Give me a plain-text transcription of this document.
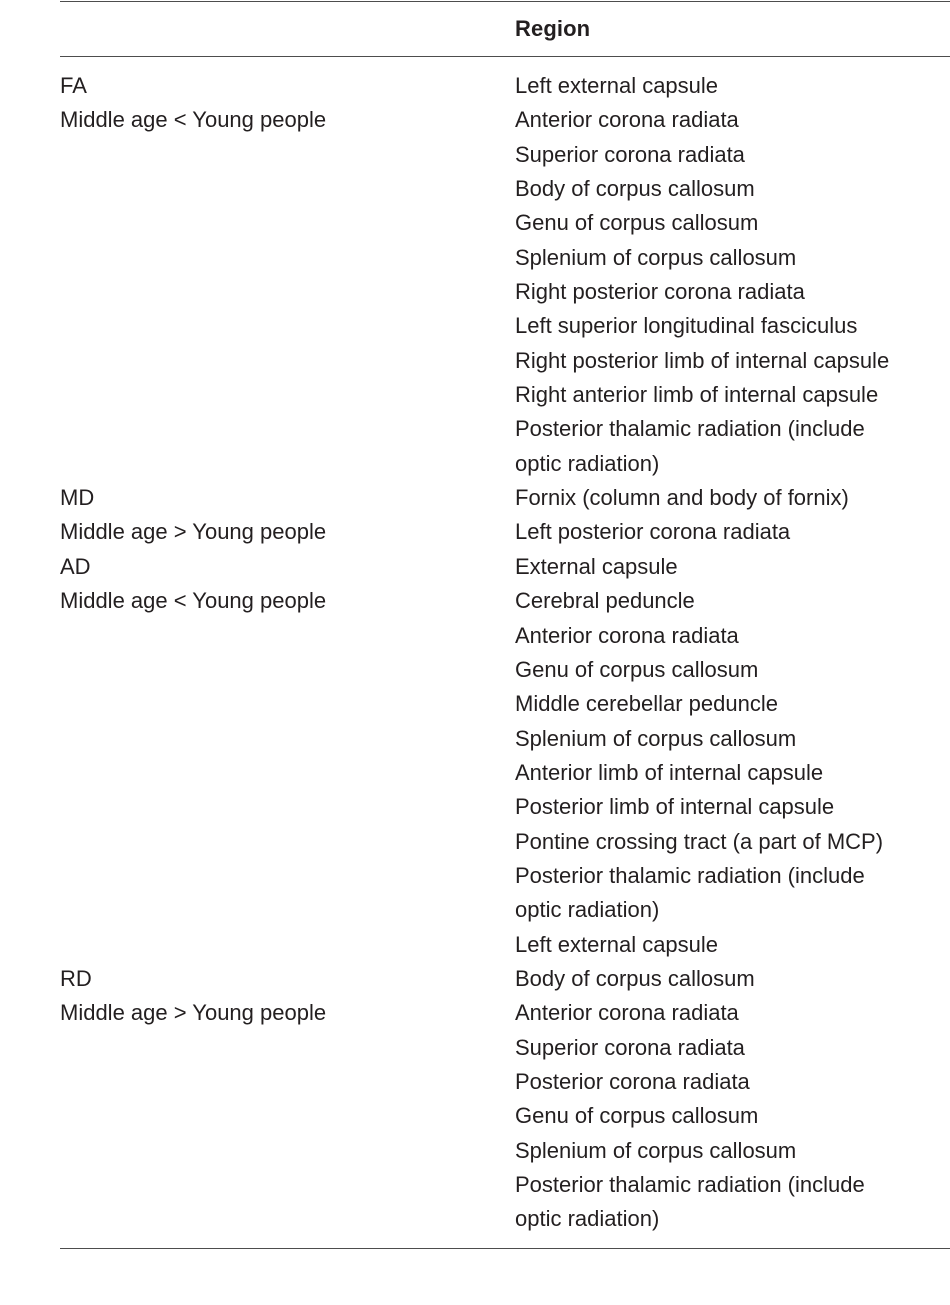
Region
FA
Middle age < Young people
MD
Middle age > Young people
AD
Middle age < Young people
RD
Middle age > Young people
Left external capsule
Anterior corona radiata
Superior corona radiata
Body of corpus callosum
Genu of corpus callosum
Splenium of corpus callosum
Right posterior corona radiata
Left superior longitudinal fasciculus
Right posterior limb of internal capsule
Right anterior limb of internal capsule
Posterior thalamic radiation (include
optic radiation)
Fornix (column and body of fornix)
Left posterior corona radiata
External capsule
Cerebral peduncle
Anterior corona radiata
Genu of corpus callosum
Middle cerebellar peduncle
Splenium of corpus callosum
Anterior limb of internal capsule
Posterior limb of internal capsule
Pontine crossing tract (a part of MCP)
Posterior thalamic radiation (include
optic radiation)
Left external capsule
Body of corpus callosum
Anterior corona radiata
Superior corona radiata
Posterior corona radiata
Genu of corpus callosum
Splenium of corpus callosum
Posterior thalamic radiation (include
optic radiation)
